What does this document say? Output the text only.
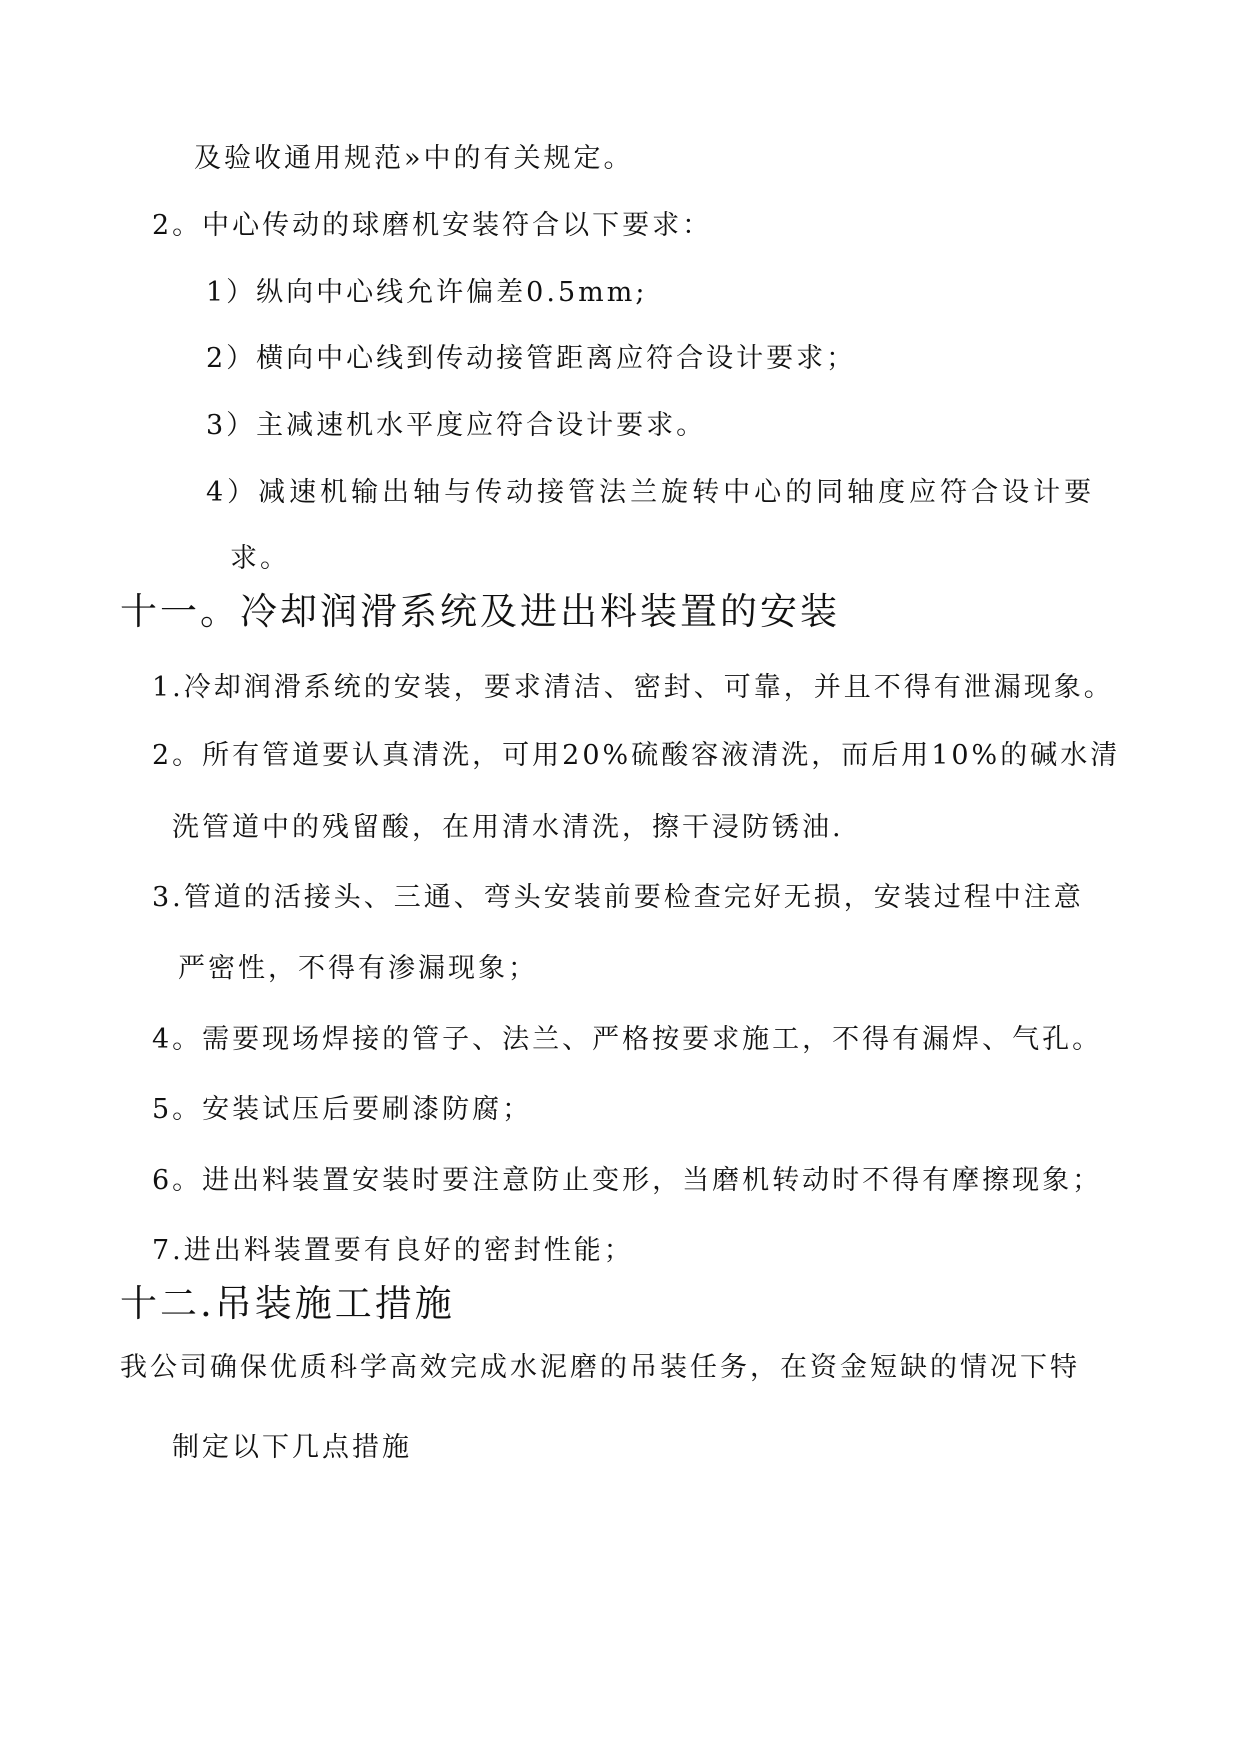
及验收通用规范»中的有关规定。
2。中心传动的球磨机安装符合以下要求：
1）纵向中心线允许偏差0.5mm;
2）横向中心线到传动接管距离应符合设计要求；
3）主减速机水平度应符合设计要求。
4）减速机输出轴与传动接管法兰旋转中心的同轴度应符合设计要
求。
十一。冷却润滑系统及进出料装置的安装
1.冷却润滑系统的安装，要求清洁、密封、可靠，并且不得有泄漏现象。
2。所有管道要认真清洗，可用20%硫酸容液清洗，而后用10%的碱水清
洗管道中的残留酸，在用清水清洗，擦干浸防锈油.
3.管道的活接头、三通、弯头安装前要检查完好无损，安装过程中注意
严密性，不得有渗漏现象；
4。需要现场焊接的管子、法兰、严格按要求施工，不得有漏焊、气孔。
5。安装试压后要刷漆防腐；
6。进出料装置安装时要注意防止变形，当磨机转动时不得有摩擦现象；
7.进出料装置要有良好的密封性能；
十二.吊装施工措施
我公司确保优质科学高效完成水泥磨的吊装任务，在资金短缺的情况下特
制定以下几点措施
